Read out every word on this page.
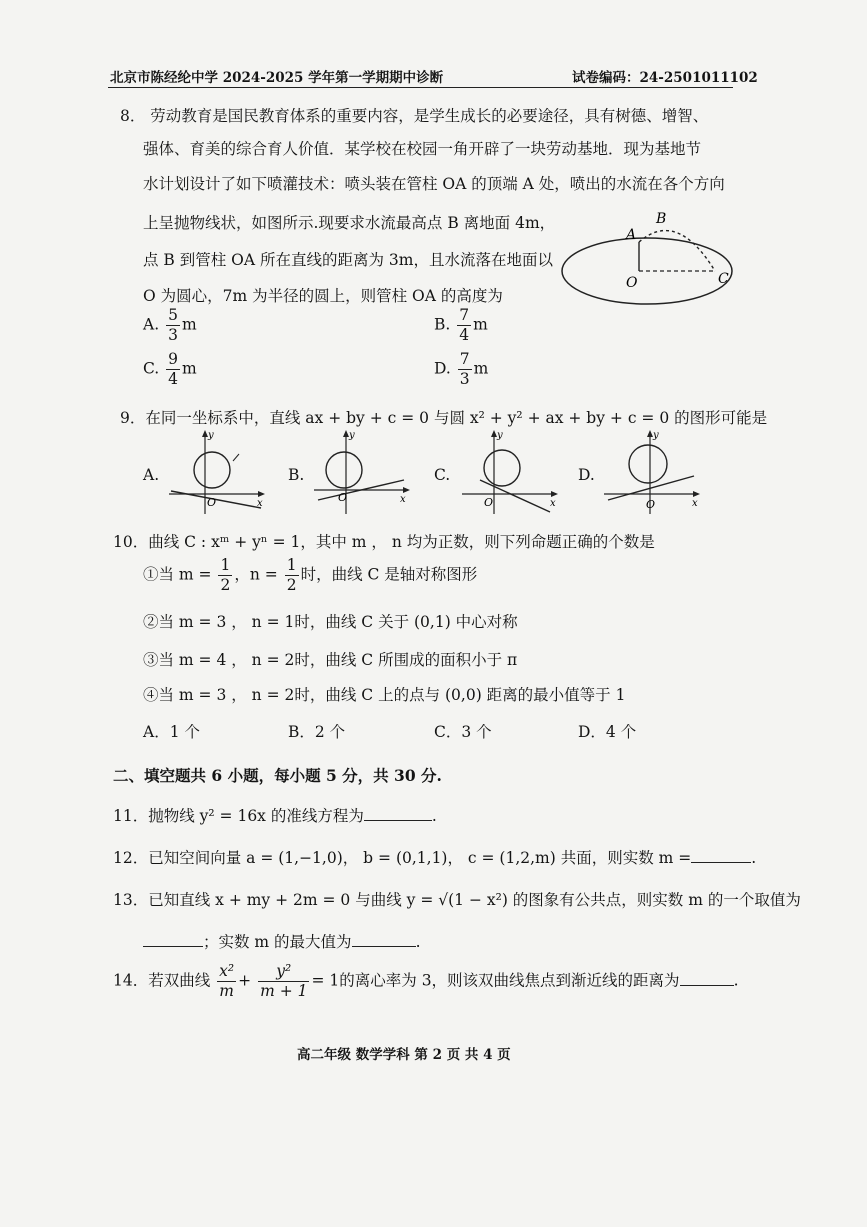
北京市陈经纶中学 2024-2025 学年第一学期期中诊断	试卷编码：24-2501011102
8． 劳动教育是国民教育体系的重要内容，是学生成长的必要途径，具有树德、增智、
强体、育美的综合育人价值．某学校在校园一角开辟了一块劳动基地．现为基地节
水计划设计了如下喷灌技术：喷头装在管柱 OA 的顶端 A 处，喷出的水流在各个方向
上呈抛物线状，如图所示.现要求水流最高点 B 离地面 4m，
点 B 到管柱 OA 所在直线的距离为 3m，且水流落在地面以
O 为圆心，7m 为半径的圆上，则管柱 OA 的高度为
A
B
O	C
A. $\frac{5}{3}$ m	B. $\frac{7}{4}$ m
C. $\frac{9}{4}$ m	D. $\frac{7}{3}$ m
9．在同一坐标系中，直线 ax + by + c = 0 与圆 x² + y² + ax + by + c = 0 的图形可能是
A.
O
y
x
B.
O
y
x
C.
O
y
x
D.
O
y
x
10．曲线 C : xᵐ + yⁿ = 1，其中 m ， n 均为正数，则下列命题正确的个数是
①当 $m = \frac{1}{2}$ ，$n = \frac{1}{2}$ 时，曲线 C 是轴对称图形
②当 m = 3 ， n = 1时，曲线 C 关于 (0,1) 中心对称
③当 m = 4 ， n = 2时，曲线 C 所围成的面积小于 π
④当 m = 3 ， n = 2时，曲线 C 上的点与 (0,0) 距离的最小值等于 1
A．1 个	B．2 个	C．3 个	D．4 个
二、填空题共 6 小题，每小题 5 分，共 30 分.
11．抛物线 y² = 16x 的准线方程为	.
12．已知空间向量 a = (1,−1,0)， b = (0,1,1)， c = (1,2,m) 共面，则实数 m =	.
13．已知直线 x + my + 2m = 0 与曲线 y = √(1 − x²) 的图象有公共点，则实数 m 的一个取值为
；实数 m 的最大值为	.
14．若双曲线 $\frac{\text{x²}}{m} + \frac{\text{y²}}{m + 1} = 1$的离心率为 3，则该双曲线焦点到渐近线的距离为	.
高二年级 数学学科 第 2 页 共 4 页
